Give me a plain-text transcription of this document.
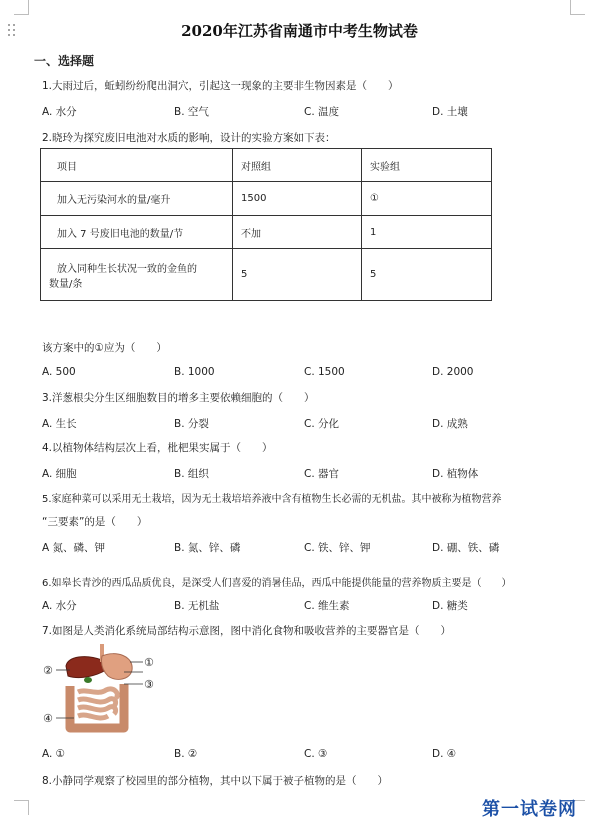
2020年江苏省南通市中考生物试卷
一、选择题
1.大雨过后，蚯蚓纷纷爬出洞穴，引起这一现象的主要非生物因素是（　　）
A. 水分	B. 空气	C. 温度	D. 土壤
2.晓玲为探究废旧电池对水质的影响，设计的实验方案如下表：
项目	对照组	实验组
加入无污染河水的量/毫升	1500	①
加入 7 号废旧电池的数量/节	不加	1
放入同种生长状况一致的金鱼的
数量/条	5	5
该方案中的①应为（　　）
A. 500	B. 1000	C. 1500	D. 2000
3.洋葱根尖分生区细胞数目的增多主要依赖细胞的（　　）
A. 生长	B. 分裂	C. 分化	D. 成熟
4.以植物体结构层次上看，枇杷果实属于（　　）
A. 细胞	B. 组织	C. 器官	D. 植物体
5.家庭种菜可以采用无土栽培，因为无土栽培培养液中含有植物生长必需的无机盐。其中被称为植物营养
“三要素”的是（　　）
A 氮、磷、钾	B. 氮、锌、磷	C. 铁、锌、钾	D. 硼、铁、磷
6.如皋长青沙的西瓜品质优良，是深受人们喜爱的消暑佳品，西瓜中能提供能量的营养物质主要是（　　）
A. 水分	B. 无机盐	C. 维生素	D. 糖类
7.如图是人类消化系统局部结构示意图，图中消化食物和吸收营养的主要器官是（　　）
①
③
②
④
A. ①	B. ②	C. ③	D. ④
8.小静同学观察了校园里的部分植物，其中以下属于被子植物的是（　　）
第一试卷网
